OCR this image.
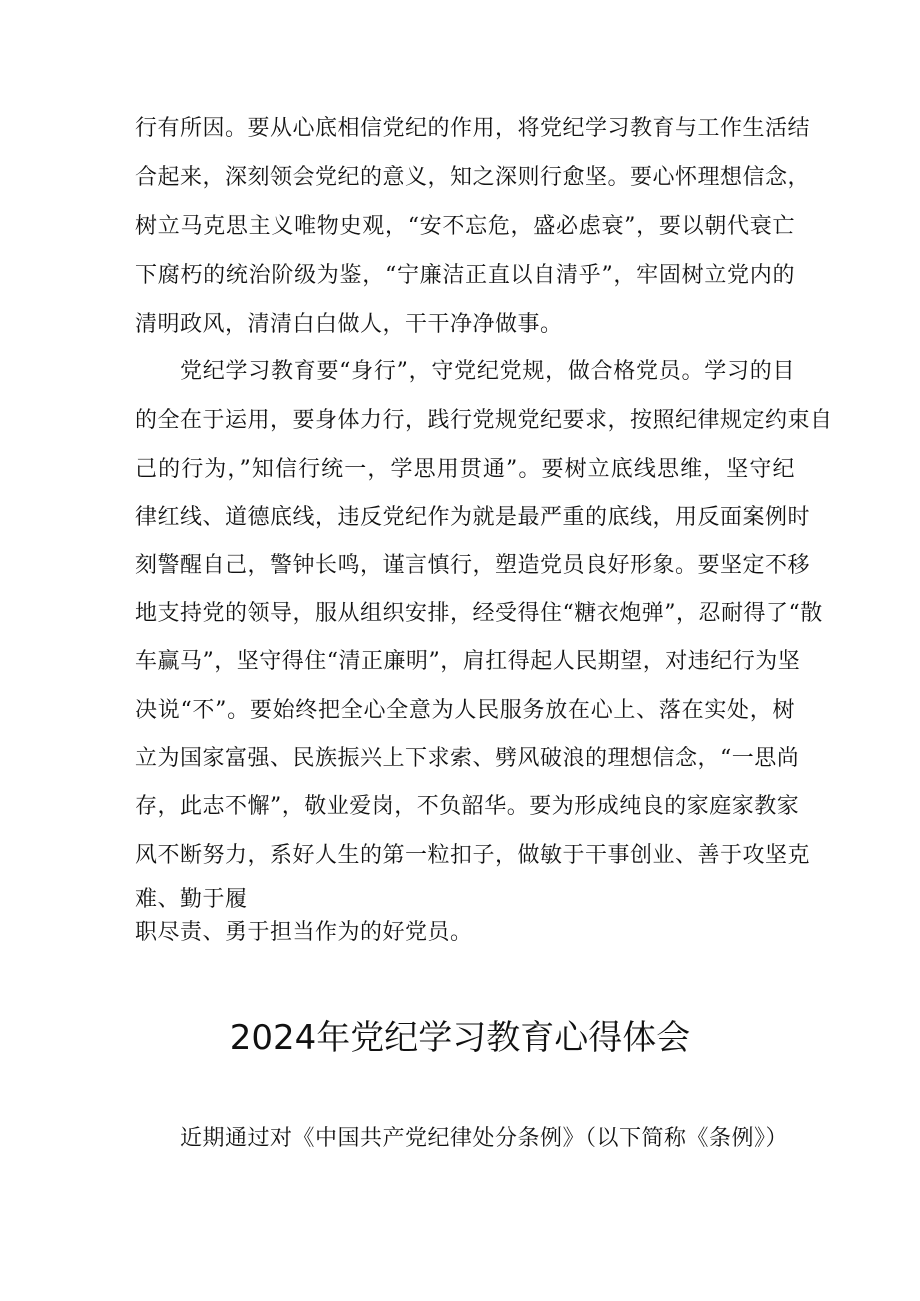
行有所因。要从心底相信党纪的作用，将党纪学习教育与工作生活结
合起来，深刻领会党纪的意义，知之深则行愈坚。要心怀理想信念，
树立马克思主义唯物史观，“安不忘危，盛必虑衰”，要以朝代衰亡
下腐朽的统治阶级为鉴，“宁廉洁正直以自清乎”，牢固树立党内的
清明政风，清清白白做人，干干净净做事。
党纪学习教育要“身行”，守党纪党规，做合格党员。学习的目
的全在于运用，要身体力行，践行党规党纪要求，按照纪律规定约束自
己的行为，”知信行统一，学思用贯通”。要树立底线思维，坚守纪
律红线、道德底线，违反党纪作为就是最严重的底线，用反面案例时
刻警醒自己，警钟长鸣，谨言慎行，塑造党员良好形象。要坚定不移
地支持党的领导，服从组织安排，经受得住“糖衣炮弹”，忍耐得了“散
车赢马”，坚守得住“清正廉明”，肩扛得起人民期望，对违纪行为坚
决说“不”。要始终把全心全意为人民服务放在心上、落在实处，树
立为国家富强、民族振兴上下求索、劈风破浪的理想信念，“一思尚
存，此志不懈”，敬业爱岗，不负韶华。要为形成纯良的家庭家教家
风不断努力，系好人生的第一粒扣子，做敏于干事创业、善于攻坚克
难、勤于履
职尽责、勇于担当作为的好党员。
2024年党纪学习教育心得体会
近期通过对《中国共产党纪律处分条例》（以下简称《条例》）
